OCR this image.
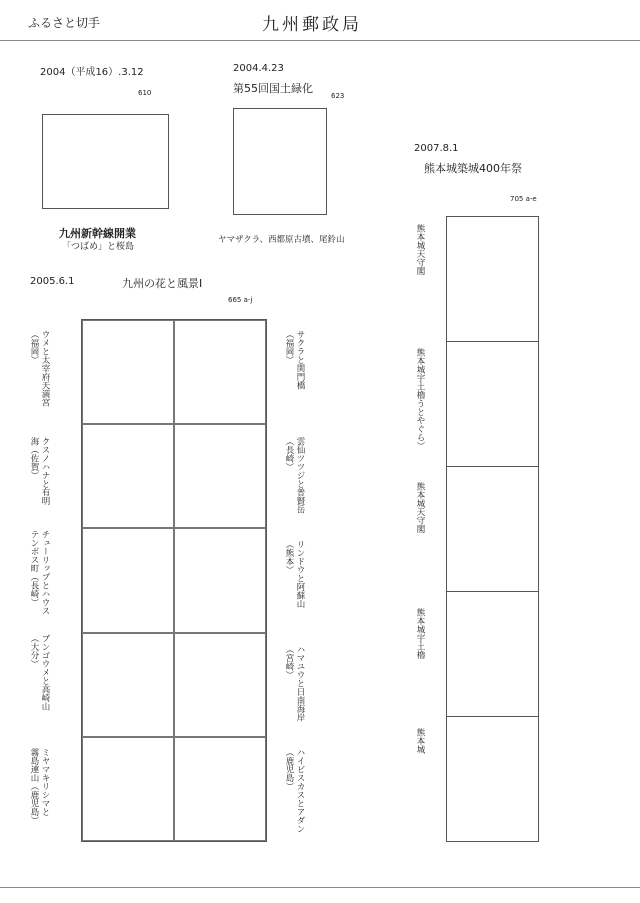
ふるさと切手	九州郵政局
2004（平成16）.3.12
610
九州新幹線開業
「つばめ」と桜島
2004.4.23
第55回国土緑化
623
ヤマザクラ、西都原古墳、尾鈴山
2007.8.1
熊本城築城400年祭
705 a-e
熊本城天守閣
熊本城宇土櫓うとやぐら）
熊本城天守閣
熊本城宇土櫓
熊本城
2005.6.1	九州の花と風景Ⅰ
665 a-j
ウメと太宰府天満宮
（福岡）
クスノハナと有明
海（佐賀）
チューリップとハウス
テンボス町（長崎）
ブンゴウメと高崎山
（大分）
ミヤマキリシマと
霧島連山（鹿児島）
サクラと関門橋
（福岡）
雲仙ツツジと普賢岳
（長崎）
リンドウと阿蘇山
（熊本）
ハマユウと日南海岸
（宮崎）
ハイビスカスとアダン
（鹿児島）
